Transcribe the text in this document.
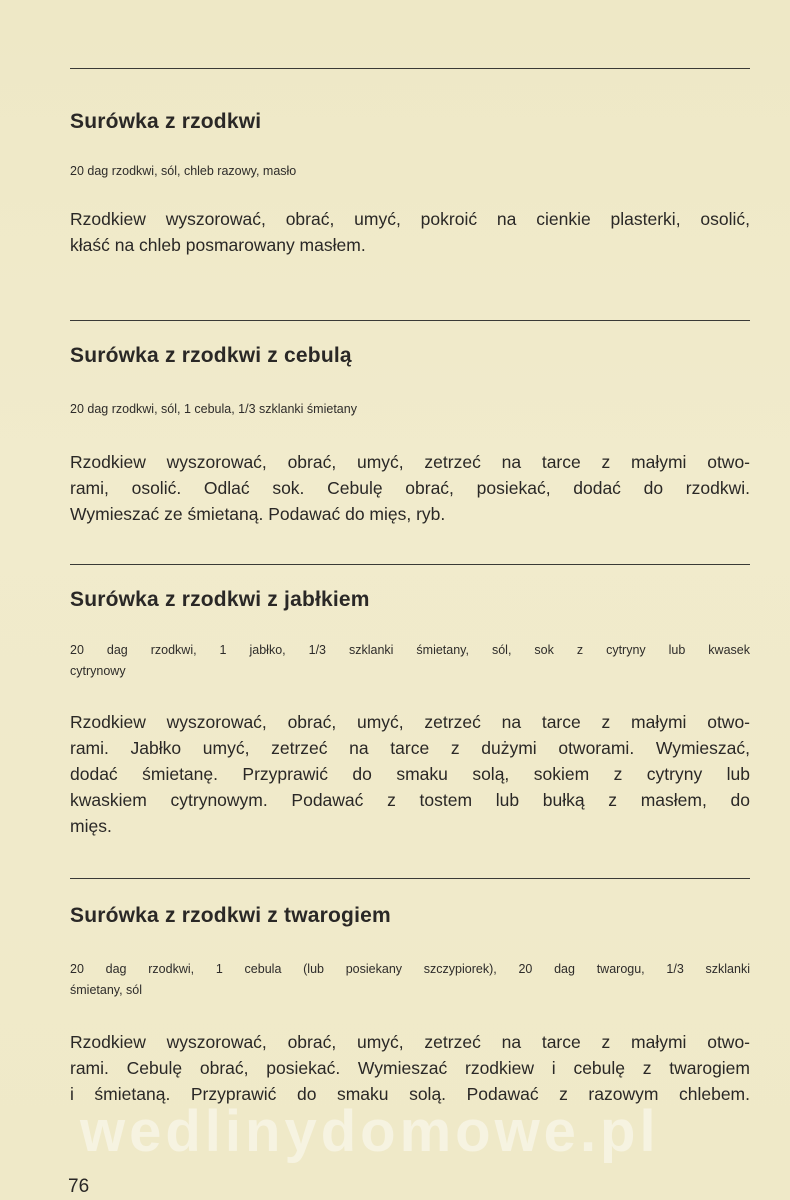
Surówka z rzodkwi
20 dag rzodkwi, sól, chleb razowy, masło
Rzodkiew wyszorować, obrać, umyć, pokroić na cienkie plasterki, osolić,
kłaść na chleb posmarowany masłem.
Surówka z rzodkwi z cebulą
20 dag rzodkwi, sól, 1 cebula, 1/3 szklanki śmietany
Rzodkiew wyszorować, obrać, umyć, zetrzeć na tarce z małymi otwo-
rami, osolić. Odlać sok. Cebulę obrać, posiekać, dodać do rzodkwi.
Wymieszać ze śmietaną. Podawać do mięs, ryb.
Surówka z rzodkwi z jabłkiem
20 dag rzodkwi, 1 jabłko, 1/3 szklanki śmietany, sól, sok z cytryny lub kwasek
cytrynowy
Rzodkiew wyszorować, obrać, umyć, zetrzeć na tarce z małymi otwo-
rami. Jabłko umyć, zetrzeć na tarce z dużymi otworami. Wymieszać,
dodać śmietanę. Przyprawić do smaku solą, sokiem z cytryny lub
kwaskiem cytrynowym. Podawać z tostem lub bułką z masłem, do
mięs.
Surówka z rzodkwi z twarogiem
20 dag rzodkwi, 1 cebula (lub posiekany szczypiorek), 20 dag twarogu, 1/3 szklanki
śmietany, sól
Rzodkiew wyszorować, obrać, umyć, zetrzeć na tarce z małymi otwo-
rami. Cebulę obrać, posiekać. Wymieszać rzodkiew i cebulę z twarogiem
i śmietaną. Przyprawić do smaku solą. Podawać z razowym chlebem.
wedlinydomowe.pl
76
